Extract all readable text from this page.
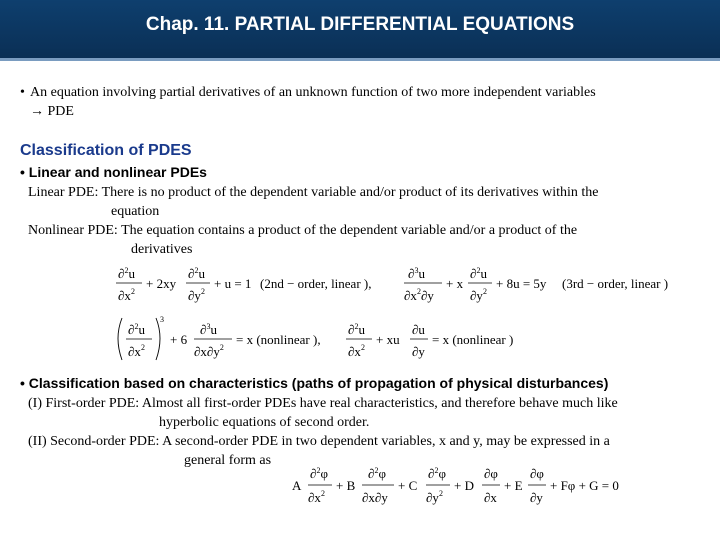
Chap. 11. PARTIAL DIFFERENTIAL EQUATIONS
• An equation involving partial derivatives of an unknown function of two more independent variables
→ PDE
Classification of PDES
• Linear and nonlinear PDEs
Linear PDE: There is no product of the dependent variable and/or product of its derivatives within the
equation
Nonlinear PDE: The equation contains a product of the dependent variable and/or a product of the
derivatives
∂$^2$u
$\partial x^2$
+ 2xy
∂$^2$u
$\partial y^2$
+ u = 1 (2nd − order, linear ),
∂$^3$u
$\partial x^2\partial y$
+ x
∂$^2$u
$\partial y^2$
+ 8u = 5y (3rd − order, linear )
∂$^2$u
$\partial x^2$
3
+ 6
∂$^3$u
$\partial x\partial y^2$
= x (nonlinear ),
∂$^2$u
$\partial x^2$
+ xu
∂u
∂y
= x (nonlinear )
• Classification based on characteristics (paths of propagation of physical disturbances)
(I) First-order PDE: Almost all first-order PDEs have real characteristics, and therefore behave much like
hyperbolic equations of second order.
(II) Second-order PDE: A second-order PDE in two dependent variables, x and y, may be expressed in a
general form as
A
∂$^2$φ
$\partial x^2$
+ B
∂$^2$φ
∂x∂y
+ C
∂$^2$φ
$\partial y^2$
+ D
∂φ
∂x
+ E
∂φ
∂y
+ Fφ + G = 0
